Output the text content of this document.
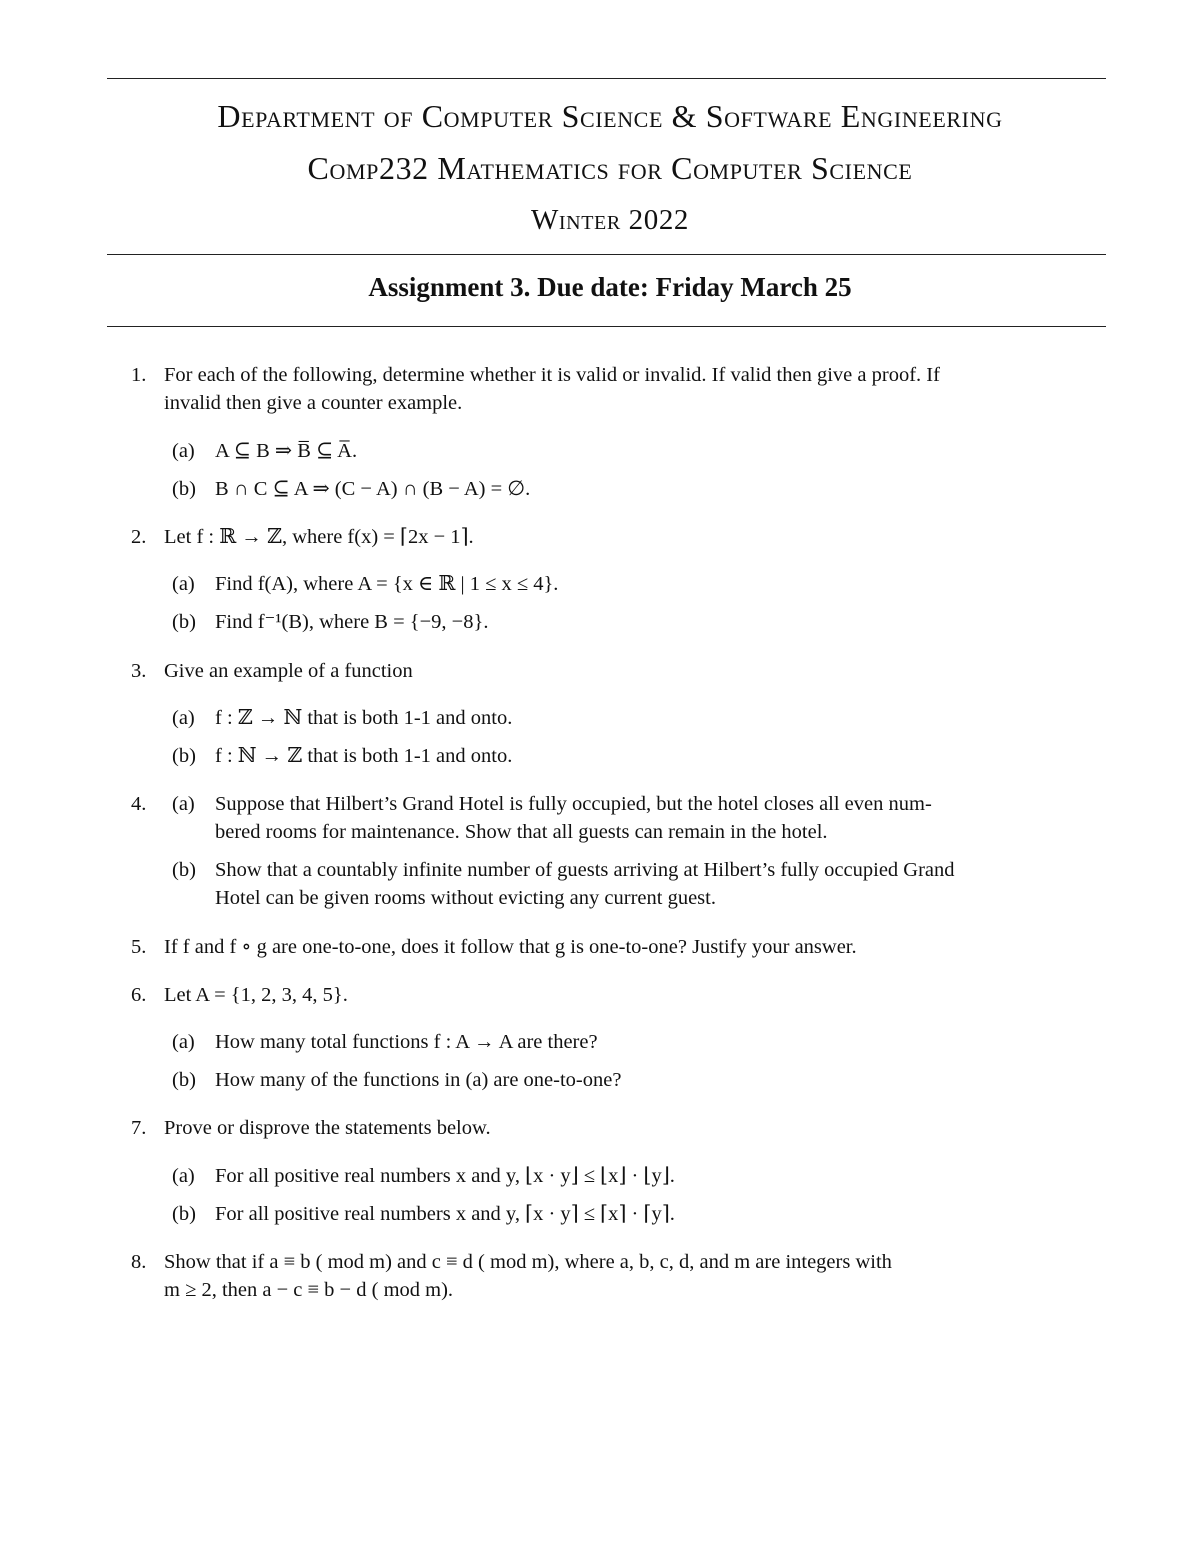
Department of Computer Science & Software Engineering
Comp232 Mathematics for Computer Science
Winter 2022
Assignment 3. Due date: Friday March 25
1. For each of the following, determine whether it is valid or invalid. If valid then give a proof. If
invalid then give a counter example.
(a) A ⊆ B ⇒ B̅ ⊆ A̅.
(b) B ∩ C ⊆ A ⇒ (C − A) ∩ (B − A) = ∅.
2. Let f : ℝ → ℤ, where f(x) = ⌈2x − 1⌉.
(a) Find f(A), where A = {x ∈ ℝ | 1 ≤ x ≤ 4}.
(b) Find f⁻¹(B), where B = {−9, −8}.
3. Give an example of a function
(a) f : ℤ → ℕ that is both 1-1 and onto.
(b) f : ℕ → ℤ that is both 1-1 and onto.
4. (a) Suppose that Hilbert’s Grand Hotel is fully occupied, but the hotel closes all even num-
bered rooms for maintenance. Show that all guests can remain in the hotel.
(b) Show that a countably infinite number of guests arriving at Hilbert’s fully occupied Grand
Hotel can be given rooms without evicting any current guest.
5. If f and f ∘ g are one-to-one, does it follow that g is one-to-one? Justify your answer.
6. Let A = {1, 2, 3, 4, 5}.
(a) How many total functions f : A → A are there?
(b) How many of the functions in (a) are one-to-one?
7. Prove or disprove the statements below.
(a) For all positive real numbers x and y, ⌊x · y⌋ ≤ ⌊x⌋ · ⌊y⌋.
(b) For all positive real numbers x and y, ⌈x · y⌉ ≤ ⌈x⌉ · ⌈y⌉.
8. Show that if a ≡ b ( mod m) and c ≡ d ( mod m), where a, b, c, d, and m are integers with
m ≥ 2, then a − c ≡ b − d ( mod m).
